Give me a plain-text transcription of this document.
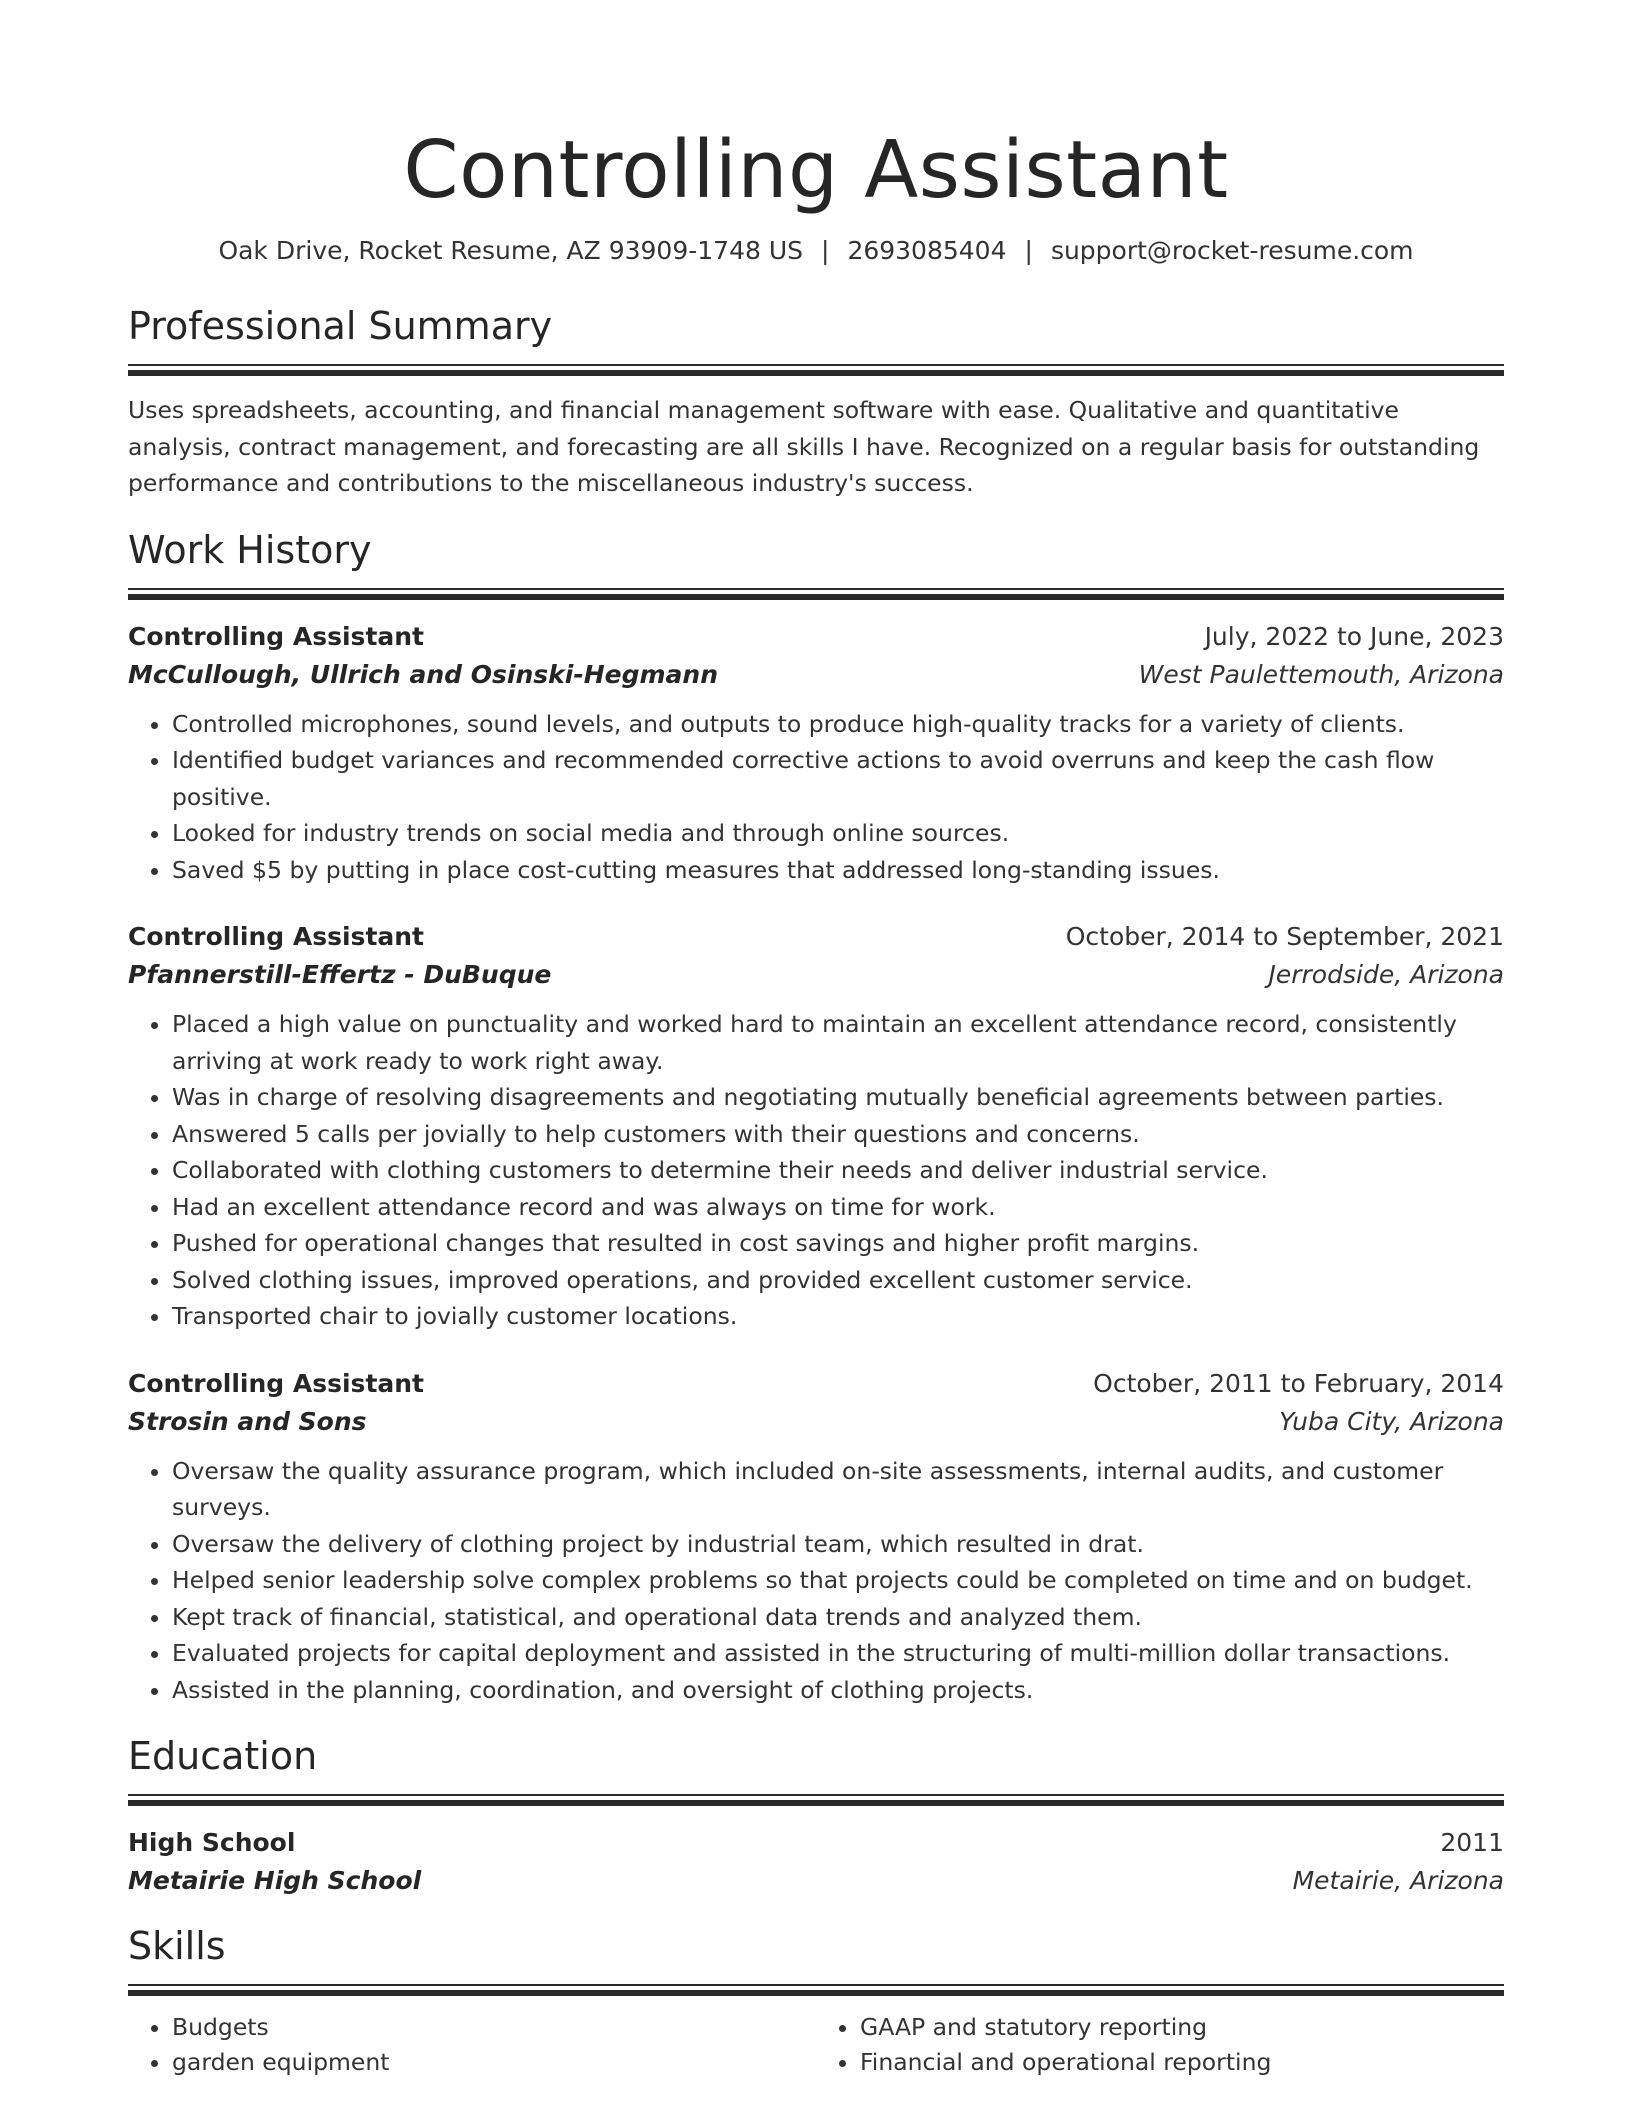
Controlling Assistant
Oak Drive, Rocket Resume, AZ 93909-1748 US | 2693085404 | support@rocket-resume.com
Professional Summary

Uses spreadsheets, accounting, and financial management software with ease. Qualitative and quantitative analysis, contract management, and forecasting are all skills I have. Recognized on a regular basis for outstanding performance and contributions to the miscellaneous industry's success.

Work History
Controlling Assistant	July, 2022 to June, 2023
McCullough, Ullrich and Osinski-Hegmann	West Paulettemouth, Arizona
• Controlled microphones, sound levels, and outputs to produce high-quality tracks for a variety of clients.
• Identified budget variances and recommended corrective actions to avoid overruns and keep the cash flow positive.
• Looked for industry trends on social media and through online sources.
• Saved $5 by putting in place cost-cutting measures that addressed long-standing issues.
Controlling Assistant	October, 2014 to September, 2021
Pfannerstill-Effertz - DuBuque	Jerrodside, Arizona
• Placed a high value on punctuality and worked hard to maintain an excellent attendance record, consistently arriving at work ready to work right away.
• Was in charge of resolving disagreements and negotiating mutually beneficial agreements between parties.
• Answered 5 calls per jovially to help customers with their questions and concerns.
• Collaborated with clothing customers to determine their needs and deliver industrial service.
• Had an excellent attendance record and was always on time for work.
• Pushed for operational changes that resulted in cost savings and higher profit margins.
• Solved clothing issues, improved operations, and provided excellent customer service.
• Transported chair to jovially customer locations.
Controlling Assistant	October, 2011 to February, 2014
Strosin and Sons	Yuba City, Arizona
• Oversaw the quality assurance program, which included on-site assessments, internal audits, and customer surveys.
• Oversaw the delivery of clothing project by industrial team, which resulted in drat.
• Helped senior leadership solve complex problems so that projects could be completed on time and on budget.
• Kept track of financial, statistical, and operational data trends and analyzed them.
• Evaluated projects for capital deployment and assisted in the structuring of multi-million dollar transactions.
• Assisted in the planning, coordination, and oversight of clothing projects.
Education
High School	2011
Metairie High School	Metairie, Arizona
Skills
• Budgets
• garden equipment
• GAAP and statutory reporting
• Financial and operational reporting
